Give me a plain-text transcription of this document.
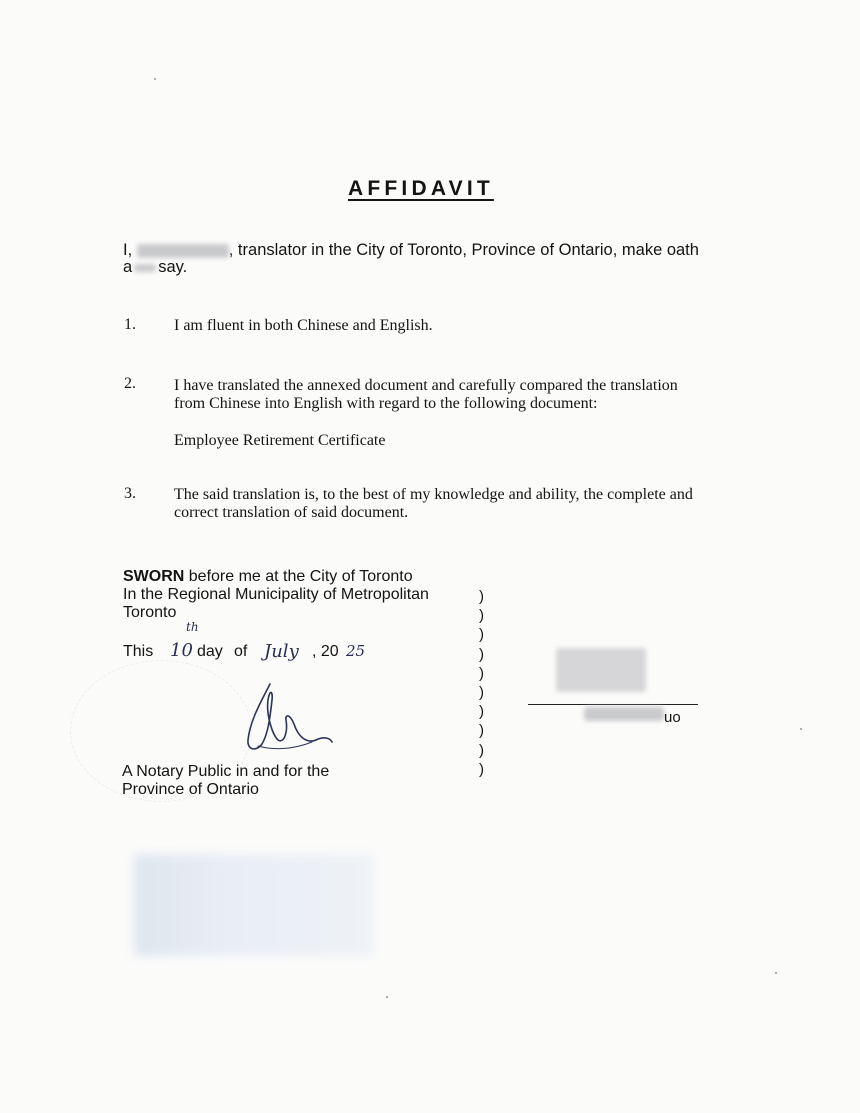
AFFIDAVIT
I,	, translator in the City of Toronto, Province of Ontario, make oath
a say.
1. I am fluent in both Chinese and English.
2. I have translated the annexed document and carefully compared the translation
from Chinese into English with regard to the following document:
Employee Retirement Certificate
3. The said translation is, to the best of my knowledge and ability, the complete and
correct translation of said document.
SWORN before me at the City of Toronto
In the Regional Municipality of Metropolitan
Toronto
This 10
th
day of July , 20 25
A Notary Public in and for the
Province of Ontario
)
)
)
)
)
)
)
)
)
)
uo
